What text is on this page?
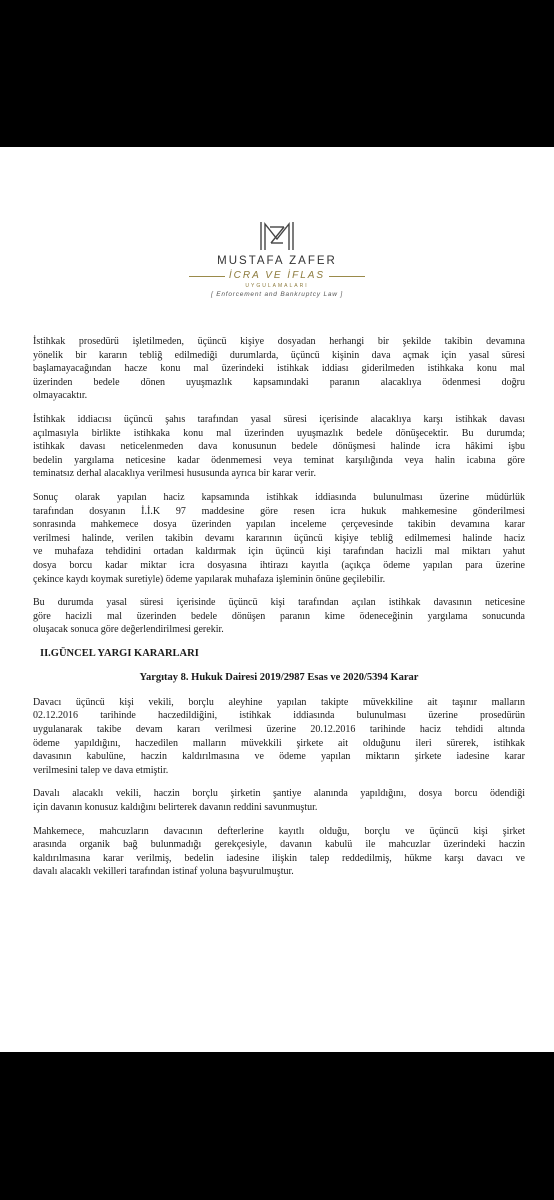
MUSTAFA ZAFER
İCRA VE İFLAS
UYGULAMALARI
[ Enforcement and Bankruptcy Law ]

İstihkak prosedürü işletilmeden, üçüncü kişiye dosyadan herhangi bir şekilde takibin devamına
yönelik bir kararın tebliğ edilmediği durumlarda, üçüncü kişinin dava açmak için yasal süresi
başlamayacağından hacze konu mal üzerindeki istihkak iddiası giderilmeden istihkaka konu mal
üzerinden bedele dönen uyuşmazlık kapsamındaki paranın alacaklıya ödenmesi doğru
olmayacaktır.

İstihkak iddiacısı üçüncü şahıs tarafından yasal süresi içerisinde alacaklıya karşı istihkak davası
açılmasıyla birlikte istihkaka konu mal üzerinden uyuşmazlık bedele dönüşecektir. Bu durumda;
istihkak davası neticelenmeden dava konusunun bedele dönüşmesi halinde icra hâkimi işbu
bedelin yargılama neticesine kadar ödenmemesi veya teminat karşılığında veya halin icabına göre
teminatsız derhal alacaklıya verilmesi hususunda ayrıca bir karar verir.

Sonuç olarak yapılan haciz kapsamında istihkak iddiasında bulunulması üzerine müdürlük
tarafından dosyanın İ.İ.K 97 maddesine göre resen icra hukuk mahkemesine gönderilmesi
sonrasında mahkemece dosya üzerinden yapılan inceleme çerçevesinde takibin devamına karar
verilmesi halinde, verilen takibin devamı kararının üçüncü kişiye tebliğ edilmemesi halinde haciz
ve muhafaza tehdidini ortadan kaldırmak için üçüncü kişi tarafından hacizli mal miktarı yahut
dosya borcu kadar miktar icra dosyasına ihtirazı kayıtla (açıkça ödeme yapılan para üzerine
çekince kaydı koymak suretiyle) ödeme yapılarak muhafaza işleminin önüne geçilebilir.

Bu durumda yasal süresi içerisinde üçüncü kişi tarafından açılan istihkak davasının neticesine
göre hacizli mal üzerinden bedele dönüşen paranın kime ödeneceğinin yargılama sonucunda
oluşacak sonuca göre değerlendirilmesi gerekir.

II.GÜNCEL YARGI KARARLARI
Yargıtay 8. Hukuk Dairesi 2019/2987 Esas ve 2020/5394 Karar

Davacı üçüncü kişi vekili, borçlu aleyhine yapılan takipte müvekkiline ait taşınır malların
02.12.2016 tarihinde haczedildiğini, istihkak iddiasında bulunulması üzerine prosedürün
uygulanarak takibe devam kararı verilmesi üzerine 20.12.2016 tarihinde haciz tehdidi altında
ödeme yapıldığını, haczedilen malların müvekkili şirkete ait olduğunu ileri sürerek, istihkak
davasının kabulüne, haczin kaldırılmasına ve ödeme yapılan miktarın şirkete iadesine karar
verilmesini talep ve dava etmiştir.

Davalı alacaklı vekili, haczin borçlu şirketin şantiye alanında yapıldığını, dosya borcu ödendiği
için davanın konusuz kaldığını belirterek davanın reddini savunmuştur.

Mahkemece, mahcuzların davacının defterlerine kayıtlı olduğu, borçlu ve üçüncü kişi şirket
arasında organik bağ bulunmadığı gerekçesiyle, davanın kabulü ile mahcuzlar üzerindeki haczin
kaldırılmasına karar verilmiş, bedelin iadesine ilişkin talep reddedilmiş, hükme karşı davacı ve
davalı alacaklı vekilleri tarafından istinaf yoluna başvurulmuştur.
